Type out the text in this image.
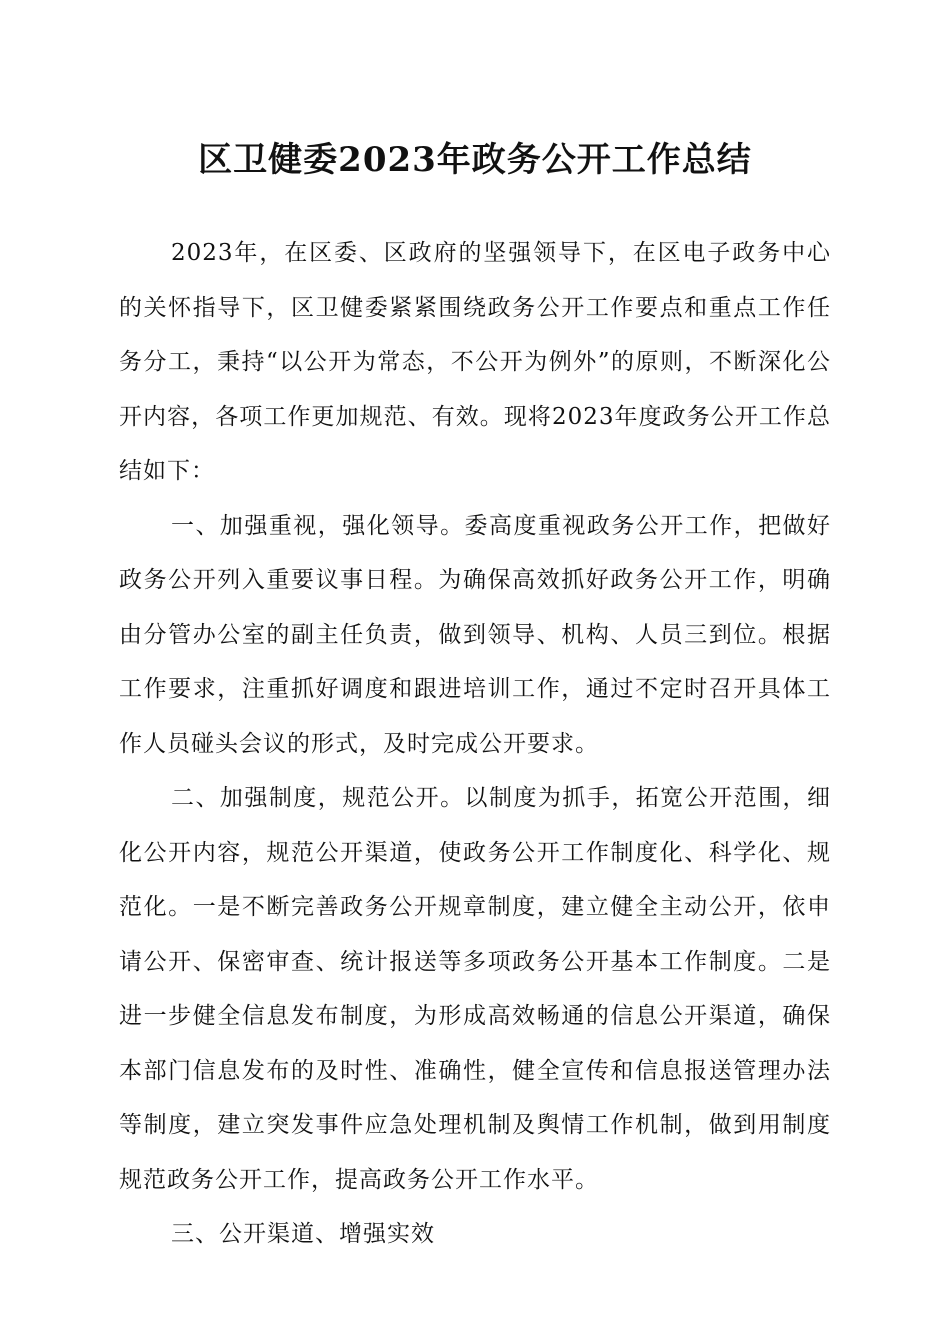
区卫健委2023年政务公开工作总结

2023年，在区委、区政府的坚强领导下，在区电子政务中心的关怀指导下，区卫健委紧紧围绕政务公开工作要点和重点工作任务分工，秉持“以公开为常态，不公开为例外”的原则，不断深化公开内容，各项工作更加规范、有效。现将2023年度政务公开工作总结如下：

一、加强重视，强化领导。委高度重视政务公开工作，把做好政务公开列入重要议事日程。为确保高效抓好政务公开工作，明确由分管办公室的副主任负责，做到领导、机构、人员三到位。根据工作要求，注重抓好调度和跟进培训工作，通过不定时召开具体工作人员碰头会议的形式，及时完成公开要求。

二、加强制度，规范公开。以制度为抓手，拓宽公开范围，细化公开内容，规范公开渠道，使政务公开工作制度化、科学化、规范化。一是不断完善政务公开规章制度，建立健全主动公开，依申请公开、保密审查、统计报送等多项政务公开基本工作制度。二是进一步健全信息发布制度，为形成高效畅通的信息公开渠道，确保本部门信息发布的及时性、准确性，健全宣传和信息报送管理办法等制度，建立突发事件应急处理机制及舆情工作机制，做到用制度规范政务公开工作，提高政务公开工作水平。

三、公开渠道、增强实效
